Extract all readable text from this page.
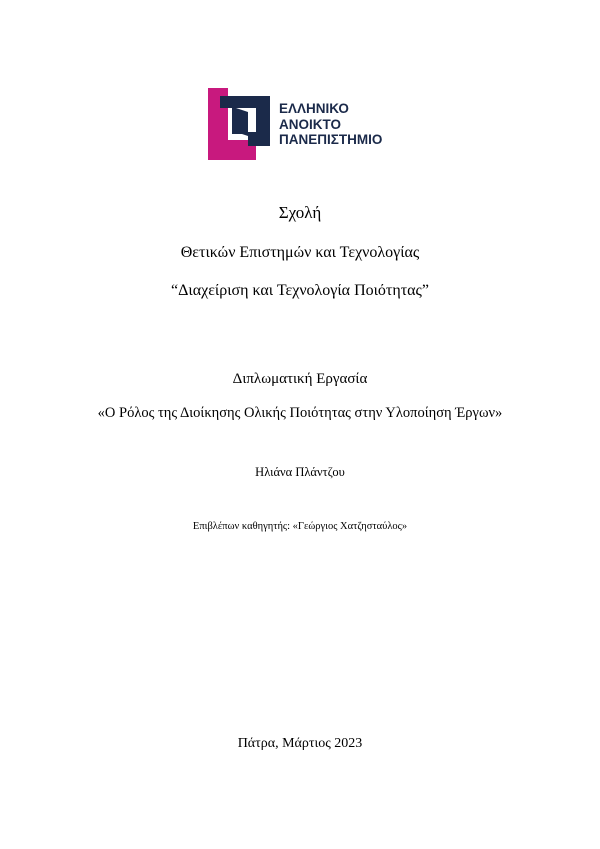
ΕΛΛΗΝΙΚΟ
ΑΝΟΙΚΤΟ
ΠΑΝΕΠΙΣΤΗΜΙΟ
Σχολή
Θετικών Επιστημών και Τεχνολογίας
“Διαχείριση και Τεχνολογία Ποιότητας”
Διπλωματική Εργασία
«Ο Ρόλος της Διοίκησης Ολικής Ποιότητας στην Υλοποίηση Έργων»
Ηλιάνα Πλάντζου
Επιβλέπων καθηγητής: «Γεώργιος Χατζησταύλος»
Πάτρα, Μάρτιος 2023
